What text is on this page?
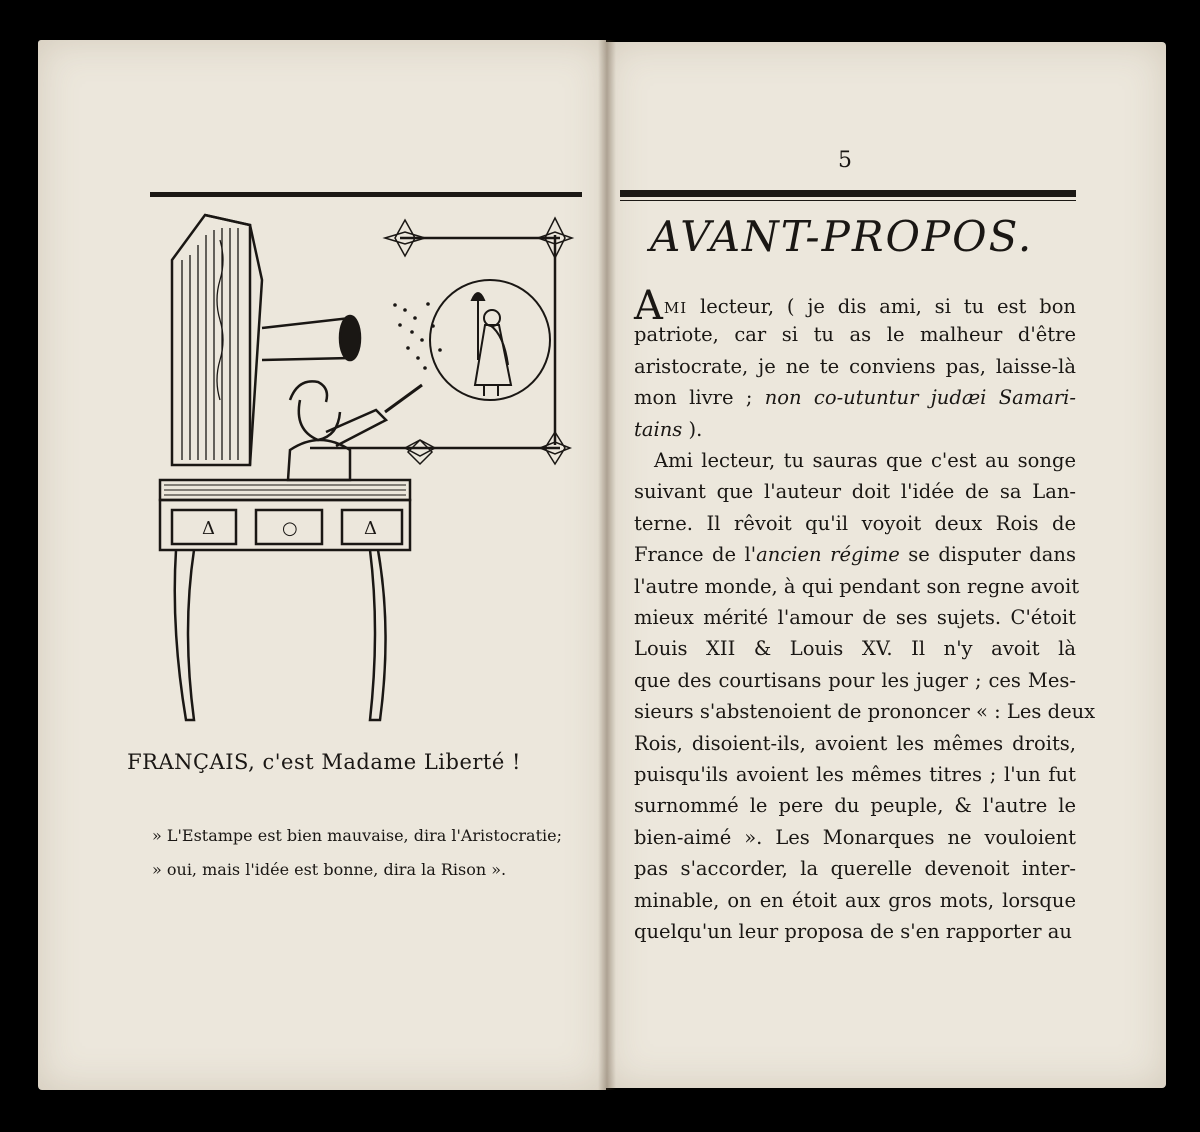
Δ	○	Δ
FRANÇAIS, c'est Madame Liberté !
» L'Estampe est bien mauvaise, dira l'Aristocratie;
» oui, mais l'idée est bonne, dira la Rison ».
5
AVANT-PROPOS.
AMI lecteur, ( je dis ami, si tu est bon
patriote, car si tu as le malheur d'être
aristocrate, je ne te conviens pas, laisse-là
mon livre ; non co-utuntur judæi Samari-
tains ).
Ami lecteur, tu sauras que c'est au songe
suivant que l'auteur doit l'idée de sa Lan-
terne. Il rêvoit qu'il voyoit deux Rois de
France de l'ancien régime se disputer dans
l'autre monde, à qui pendant son regne avoit
mieux mérité l'amour de ses sujets. C'étoit
Louis XII & Louis XV. Il n'y avoit là
que des courtisans pour les juger ; ces Mes-
sieurs s'abstenoient de prononcer « : Les deux
Rois, disoient-ils, avoient les mêmes droits,
puisqu'ils avoient les mêmes titres ; l'un fut
surnommé le pere du peuple, & l'autre le
bien-aimé ». Les Monarques ne vouloient
pas s'accorder, la querelle devenoit inter-
minable, on en étoit aux gros mots, lorsque
quelqu'un leur proposa de s'en rapporter au
